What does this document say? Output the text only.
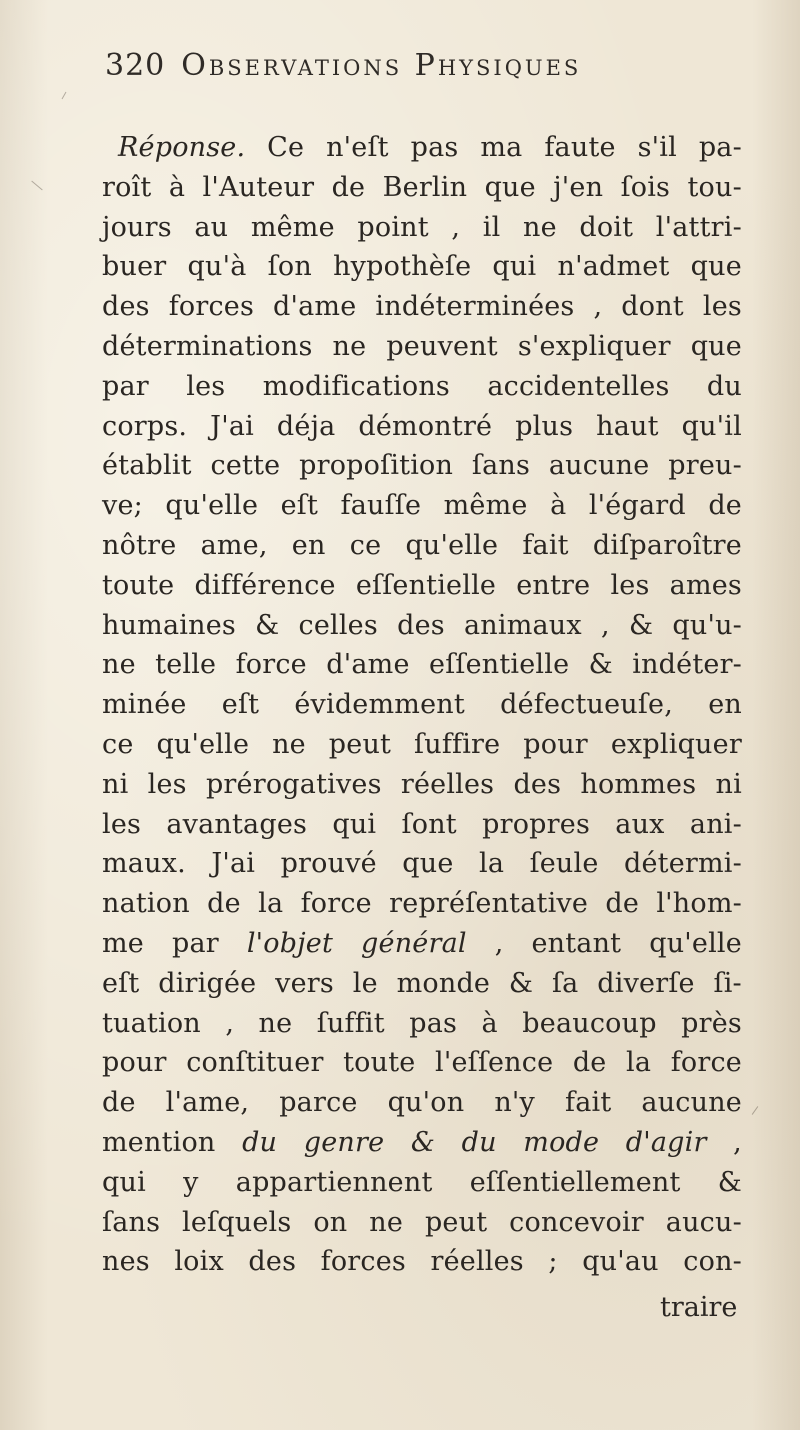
320 Observations Physiques
Réponse. Ce n'eſt pas ma faute s'il pa-
roît à l'Auteur de Berlin que j'en ſois tou-
jours au même point , il ne doit l'attri-
buer qu'à ſon hypothèſe qui n'admet que
des forces d'ame indéterminées , dont les
déterminations ne peuvent s'expliquer que
par les modifications accidentelles du
corps. J'ai déja démontré plus haut qu'il
établit cette propoſition ſans aucune preu-
ve; qu'elle eſt fauſſe même à l'égard de
nôtre ame, en ce qu'elle fait diſparoître
toute différence eſſentielle entre les ames
humaines & celles des animaux , & qu'u-
ne telle force d'ame eſſentielle & indéter-
minée eſt évidemment défectueuſe, en
ce qu'elle ne peut ſuffire pour expliquer
ni les prérogatives réelles des hommes ni
les avantages qui ſont propres aux ani-
maux. J'ai prouvé que la ſeule détermi-
nation de la force repréſentative de l'hom-
me par l'objet général , entant qu'elle
eſt dirigée vers le monde & ſa diverſe ſi-
tuation , ne ſuffit pas à beaucoup près
pour conſtituer toute l'eſſence de la force
de l'ame, parce qu'on n'y fait aucune
mention du genre & du mode d'agir ,
qui y appartiennent eſſentiellement &
ſans leſquels on ne peut concevoir aucu-
nes loix des forces réelles ; qu'au con-
traire
